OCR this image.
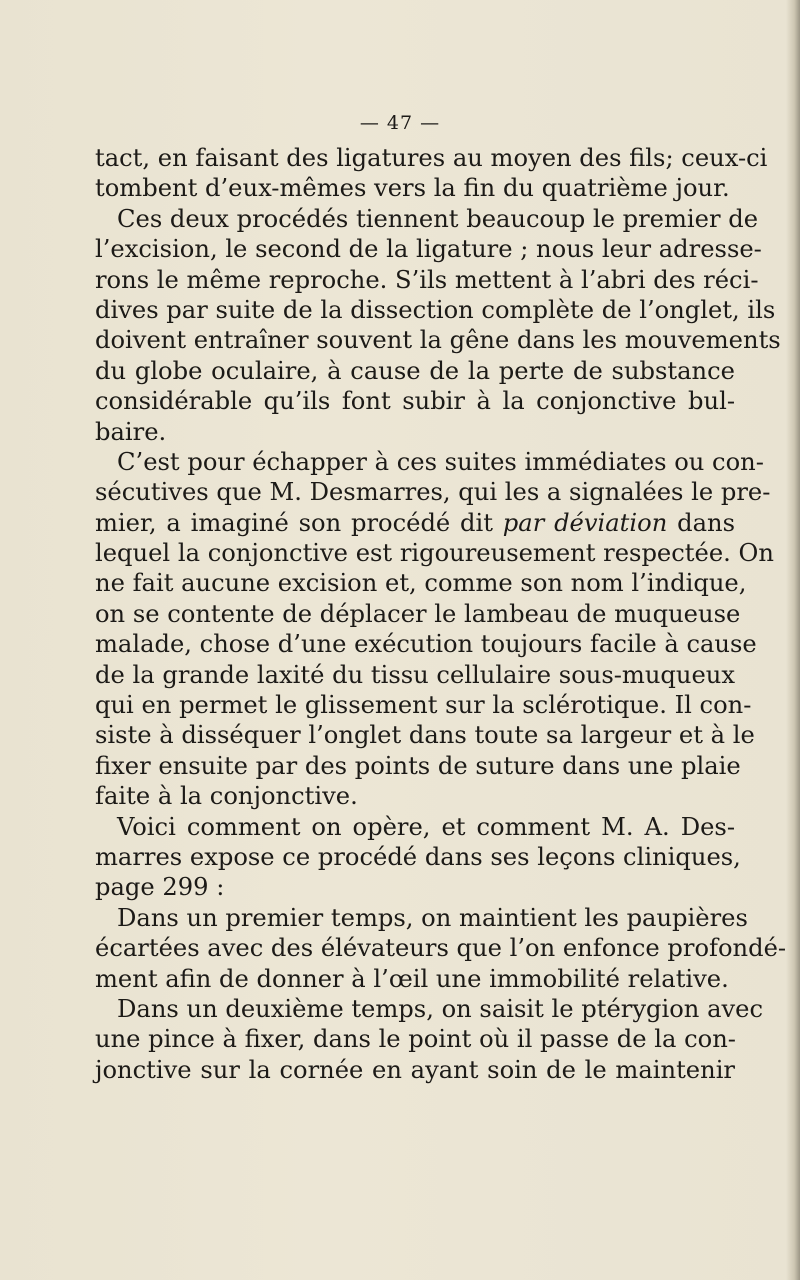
— 47 —
tact, en faisant des ligatures au moyen des fils; ceux-ci
tombent d’eux-mêmes vers la fin du quatrième jour.
Ces deux procédés tiennent beaucoup le premier de
l’excision, le second de la ligature ; nous leur adresse-
rons le même reproche. S’ils mettent à l’abri des réci-
dives par suite de la dissection complète de l’onglet, ils
doivent entraîner souvent la gêne dans les mouvements
du globe oculaire, à cause de la perte de substance
considérable qu’ils font subir à la conjonctive bul-
baire.
C’est pour échapper à ces suites immédiates ou con-
sécutives que M. Desmarres, qui les a signalées le pre-
mier, a imaginé son procédé dit par déviation dans
lequel la conjonctive est rigoureusement respectée. On
ne fait aucune excision et, comme son nom l’indique,
on se contente de déplacer le lambeau de muqueuse
malade, chose d’une exécution toujours facile à cause
de la grande laxité du tissu cellulaire sous-muqueux
qui en permet le glissement sur la sclérotique. Il con-
siste à disséquer l’onglet dans toute sa largeur et à le
fixer ensuite par des points de suture dans une plaie
faite à la conjonctive.
Voici comment on opère, et comment M. A. Des-
marres expose ce procédé dans ses leçons cliniques,
page 299 :
Dans un premier temps, on maintient les paupières
écartées avec des élévateurs que l’on enfonce profondé-
ment afin de donner à l’œil une immobilité relative.
Dans un deuxième temps, on saisit le ptérygion avec
une pince à fixer, dans le point où il passe de la con-
jonctive sur la cornée en ayant soin de le maintenir
